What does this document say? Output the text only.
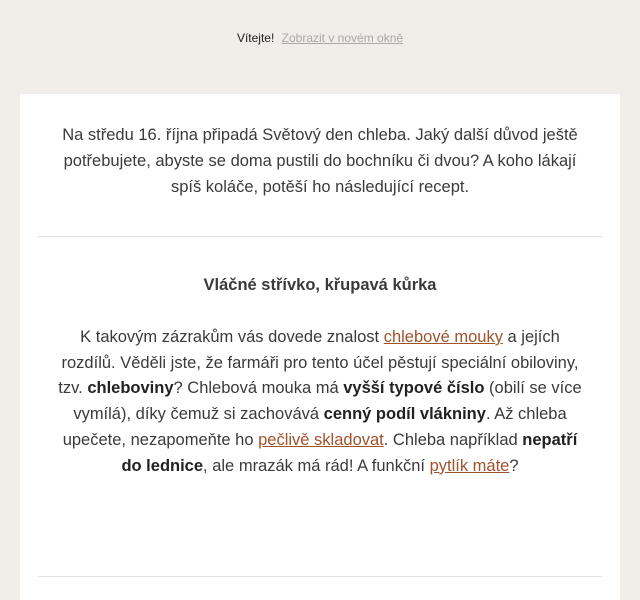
Vítejte! Zobrazit v novém okně

Na středu 16. října připadá Světový den chleba. Jaký další důvod ještě potřebujete, abyste se doma pustili do bochníku či dvou? A koho lákají spíš koláče, potěší ho následující recept.

Vláčné střívko, křupavá kůrka

K takovým zázrakům vás dovede znalost chlebové mouky a jejích rozdílů. Věděli jste, že farmáři pro tento účel pěstují speciální obiloviny, tzv. chleboviny? Chlebová mouka má vyšší typové číslo (obilí se více vymílá), díky čemuž si zachovává cenný podíl vlákniny. Až chleba upečete, nezapomeňte ho pečlivě skladovat. Chleba například nepatří do lednice, ale mrazák má rád! A funkční pytlík máte?
